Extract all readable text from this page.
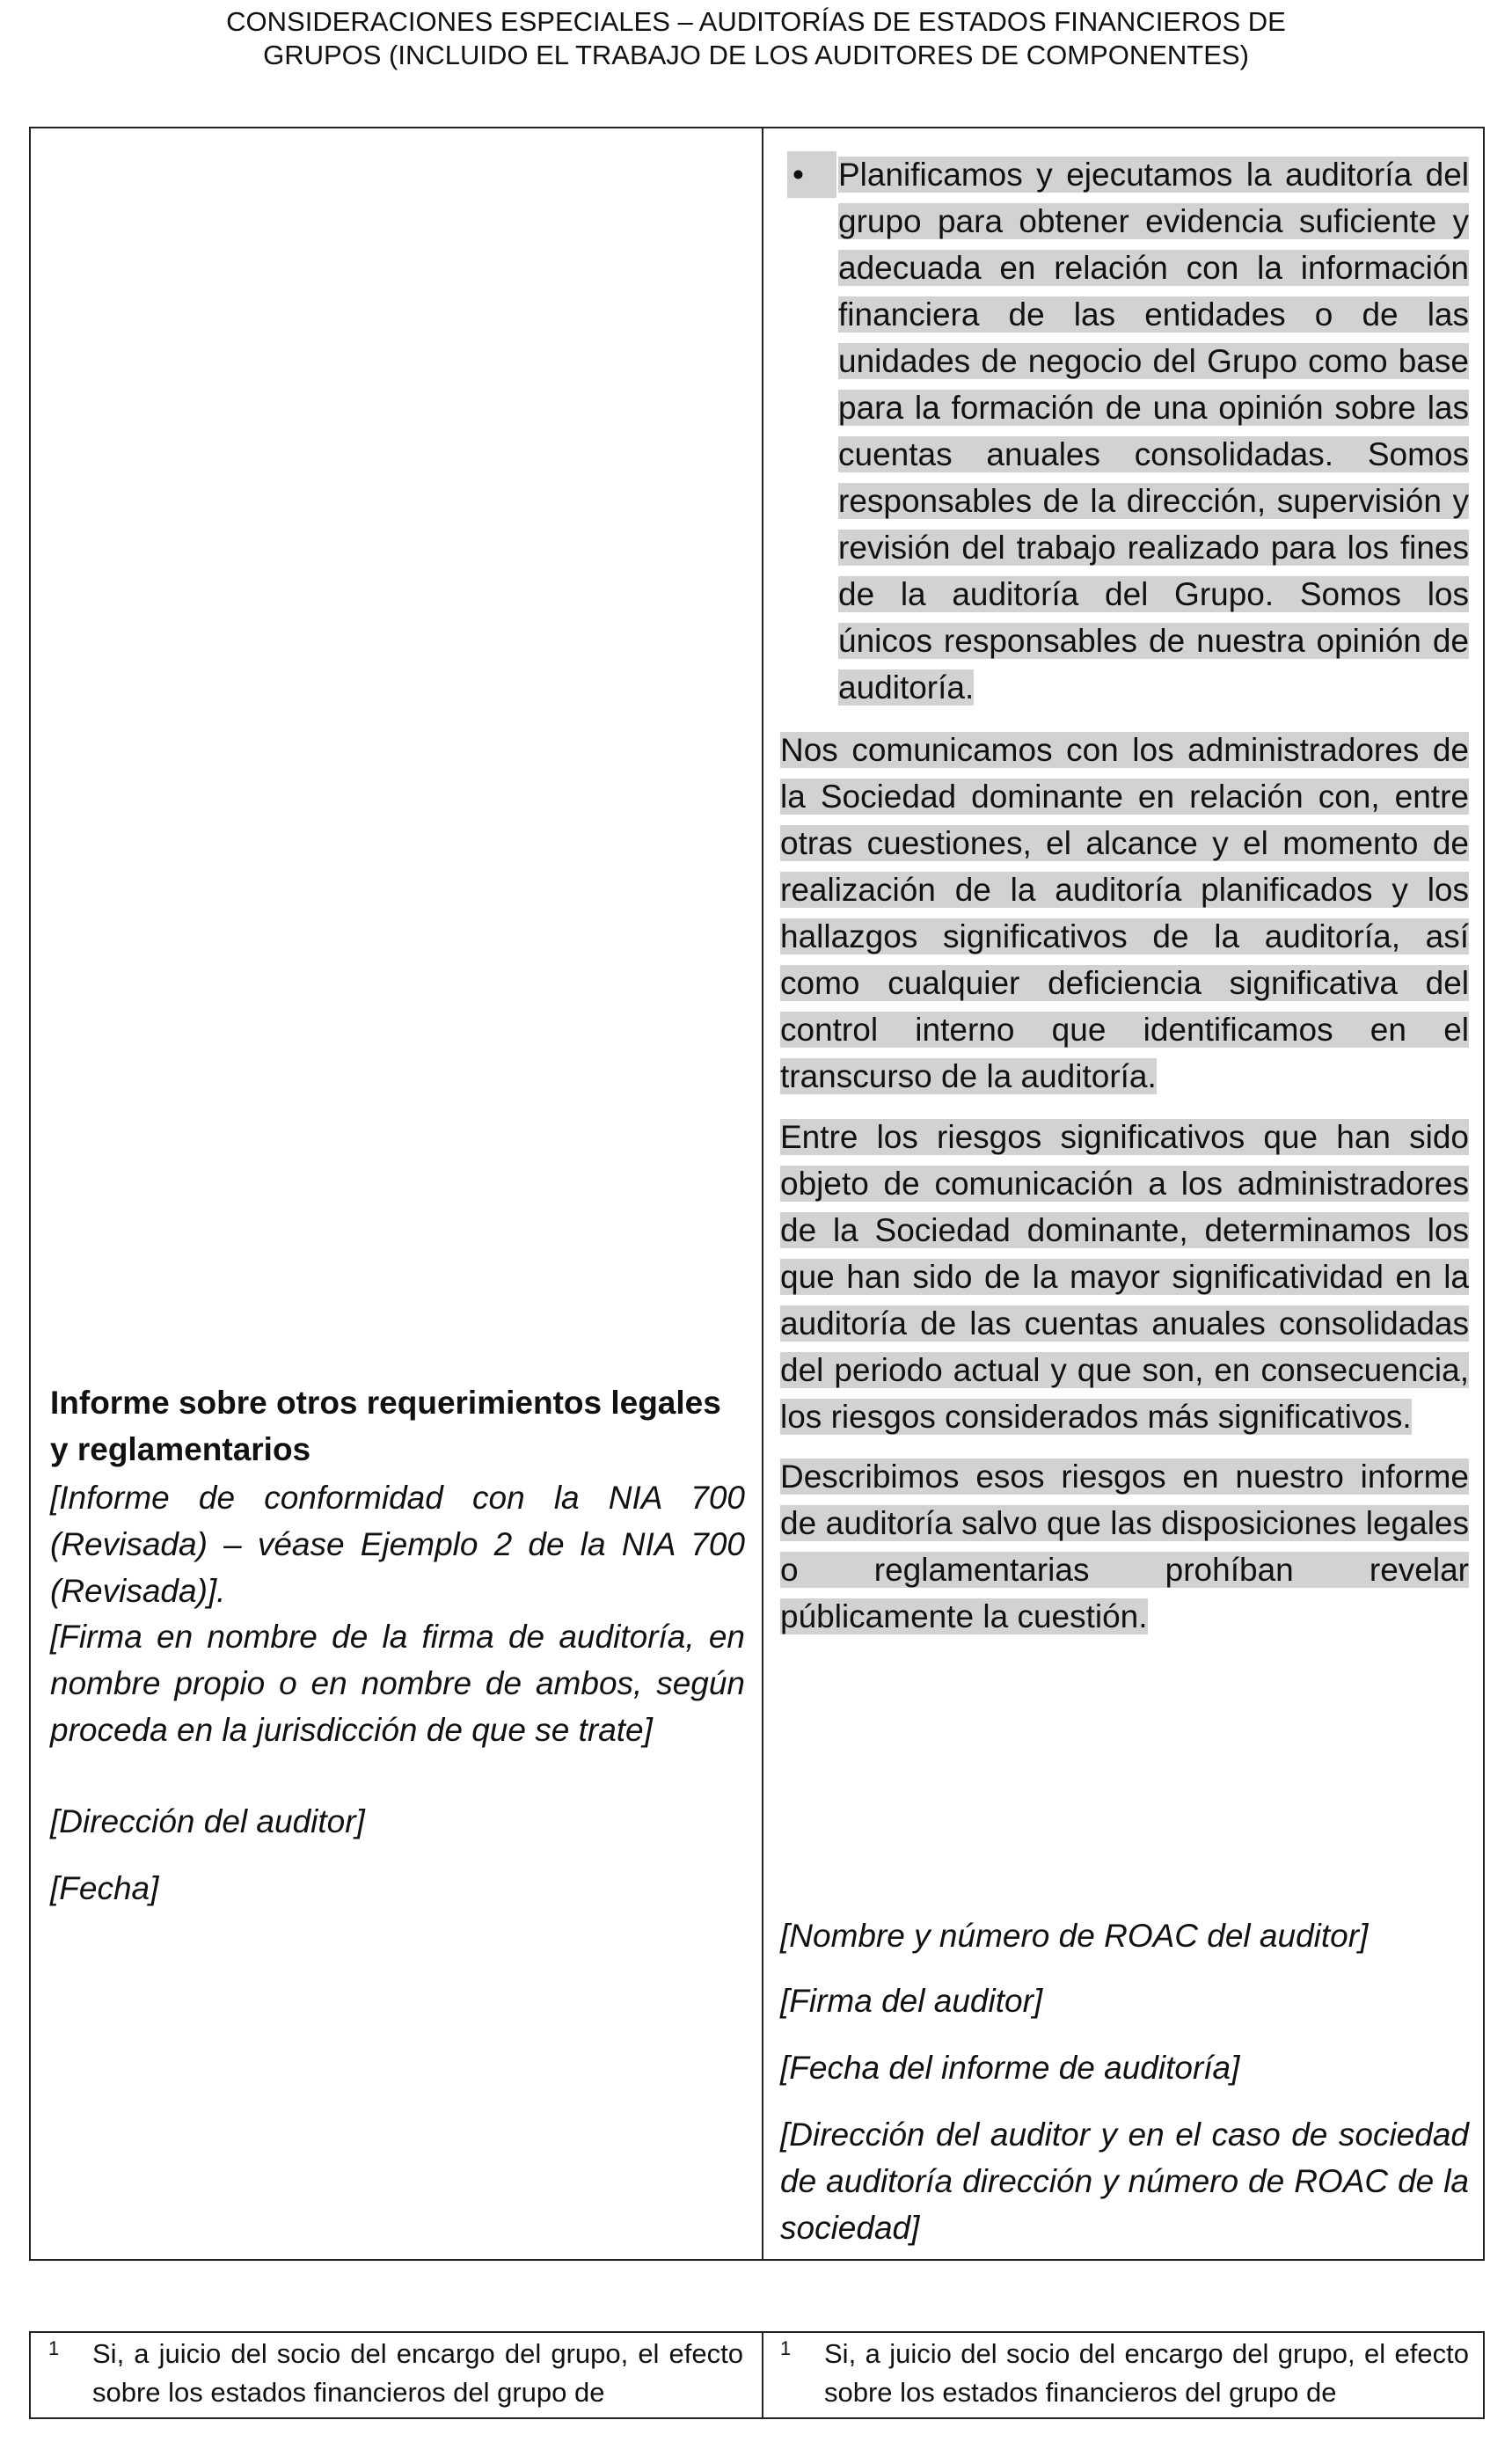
CONSIDERACIONES ESPECIALES – AUDITORÍAS DE ESTADOS FINANCIEROS DE
GRUPOS (INCLUIDO EL TRABAJO DE LOS AUDITORES DE COMPONENTES)

Informe sobre otros requerimientos legales y reglamentarios

[Informe de conformidad con la NIA 700 (Revisada) – véase Ejemplo 2 de la NIA 700 (Revisada)].

[Firma en nombre de la firma de auditoría, en nombre propio o en nombre de ambos, según proceda en la jurisdicción de que se trate]

[Dirección del auditor]

[Fecha]

•	Planificamos y ejecutamos la auditoría del grupo para obtener evidencia suficiente y adecuada en relación con la información financiera de las entidades o de las unidades de negocio del Grupo como base para la formación de una opinión sobre las cuentas anuales consolidadas. Somos responsables de la dirección, supervisión y revisión del trabajo realizado para los fines de la auditoría del Grupo. Somos los únicos responsables de nuestra opinión de auditoría.

Nos comunicamos con los administradores de la Sociedad dominante en relación con, entre otras cuestiones, el alcance y el momento de realización de la auditoría planificados y los hallazgos significativos de la auditoría, así como cualquier deficiencia significativa del control interno que identificamos en el transcurso de la auditoría.

Entre los riesgos significativos que han sido objeto de comunicación a los administradores de la Sociedad dominante, determinamos los que han sido de la mayor significatividad en la auditoría de las cuentas anuales consolidadas del periodo actual y que son, en consecuencia, los riesgos considerados más significativos.

Describimos esos riesgos en nuestro informe de auditoría salvo que las disposiciones legales o reglamentarias prohíban revelar públicamente la cuestión.

[Nombre y número de ROAC del auditor]

[Firma del auditor]

[Fecha del informe de auditoría]

[Dirección del auditor y en el caso de sociedad de auditoría dirección y número de ROAC de la sociedad]

1 Si, a juicio del socio del encargo del grupo, el efecto sobre los estados financieros del grupo de
1 Si, a juicio del socio del encargo del grupo, el efecto sobre los estados financieros del grupo de
